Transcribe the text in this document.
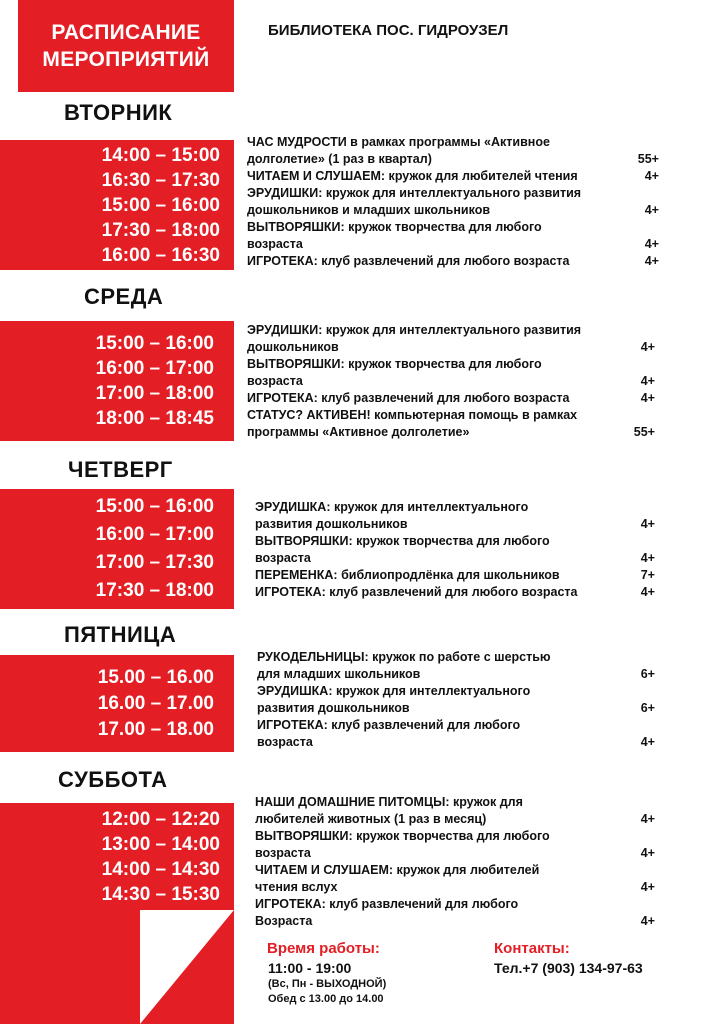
РАСПИСАНИЕ
МЕРОПРИЯТИЙ
БИБЛИОТЕКА ПОС. ГИДРОУЗЕЛ
ВТОРНИК
14:00 – 15:00
16:30 – 17:30
15:00 – 16:00
17:30 – 18:00
16:00 – 16:30
ЧАС МУДРОСТИ в рамках программы «Активное
долголетие» (1 раз в квартал)	55+
ЧИТАЕМ И СЛУШАЕМ: кружок для любителей чтения	4+
ЭРУДИШКИ: кружок для интеллектуального развития
дошкольников и младших школьников	4+
ВЫТВОРЯШКИ: кружок творчества для любого
возраста	4+
ИГРОТЕКА: клуб развлечений для любого возраста	4+
СРЕДА
15:00 – 16:00
16:00 – 17:00
17:00 – 18:00
18:00 – 18:45
ЭРУДИШКИ: кружок для интеллектуального развития
дошкольников	4+
ВЫТВОРЯШКИ: кружок творчества для любого
возраста	4+
ИГРОТЕКА: клуб развлечений для любого возраста	4+
СТАТУС? АКТИВЕН! компьютерная помощь в рамках
программы «Активное долголетие»	55+
ЧЕТВЕРГ
15:00 – 16:00
16:00 – 17:00
17:00 – 17:30
17:30 – 18:00
ЭРУДИШКА: кружок для интеллектуального
развития дошкольников	4+
ВЫТВОРЯШКИ: кружок творчества для любого
возраста	4+
ПЕРЕМЕНКА: библиопродлёнка для школьников	7+
ИГРОТЕКА: клуб развлечений для любого возраста	4+
ПЯТНИЦА
15.00 – 16.00
16.00 – 17.00
17.00 – 18.00
РУКОДЕЛЬНИЦЫ: кружок по работе с шерстью
для младших школьников	6+
ЭРУДИШКА: кружок для интеллектуального
развития дошкольников	6+
ИГРОТЕКА: клуб развлечений для любого
возраста	4+
СУББОТА
12:00 – 12:20
13:00 – 14:00
14:00 – 14:30
14:30 – 15:30
НАШИ ДОМАШНИЕ ПИТОМЦЫ: кружок для
любителей животных (1 раз в месяц)	4+
ВЫТВОРЯШКИ: кружок творчества для любого
возраста	4+
ЧИТАЕМ И СЛУШАЕМ: кружок для любителей
чтения вслух	4+
ИГРОТЕКА: клуб развлечений для любого
Возраста	4+
Время работы:
11:00 - 19:00
(Вс, Пн - ВЫХОДНОЙ)
Обед с 13.00 до 14.00
Контакты:
Тел.+7 (903) 134-97-63
